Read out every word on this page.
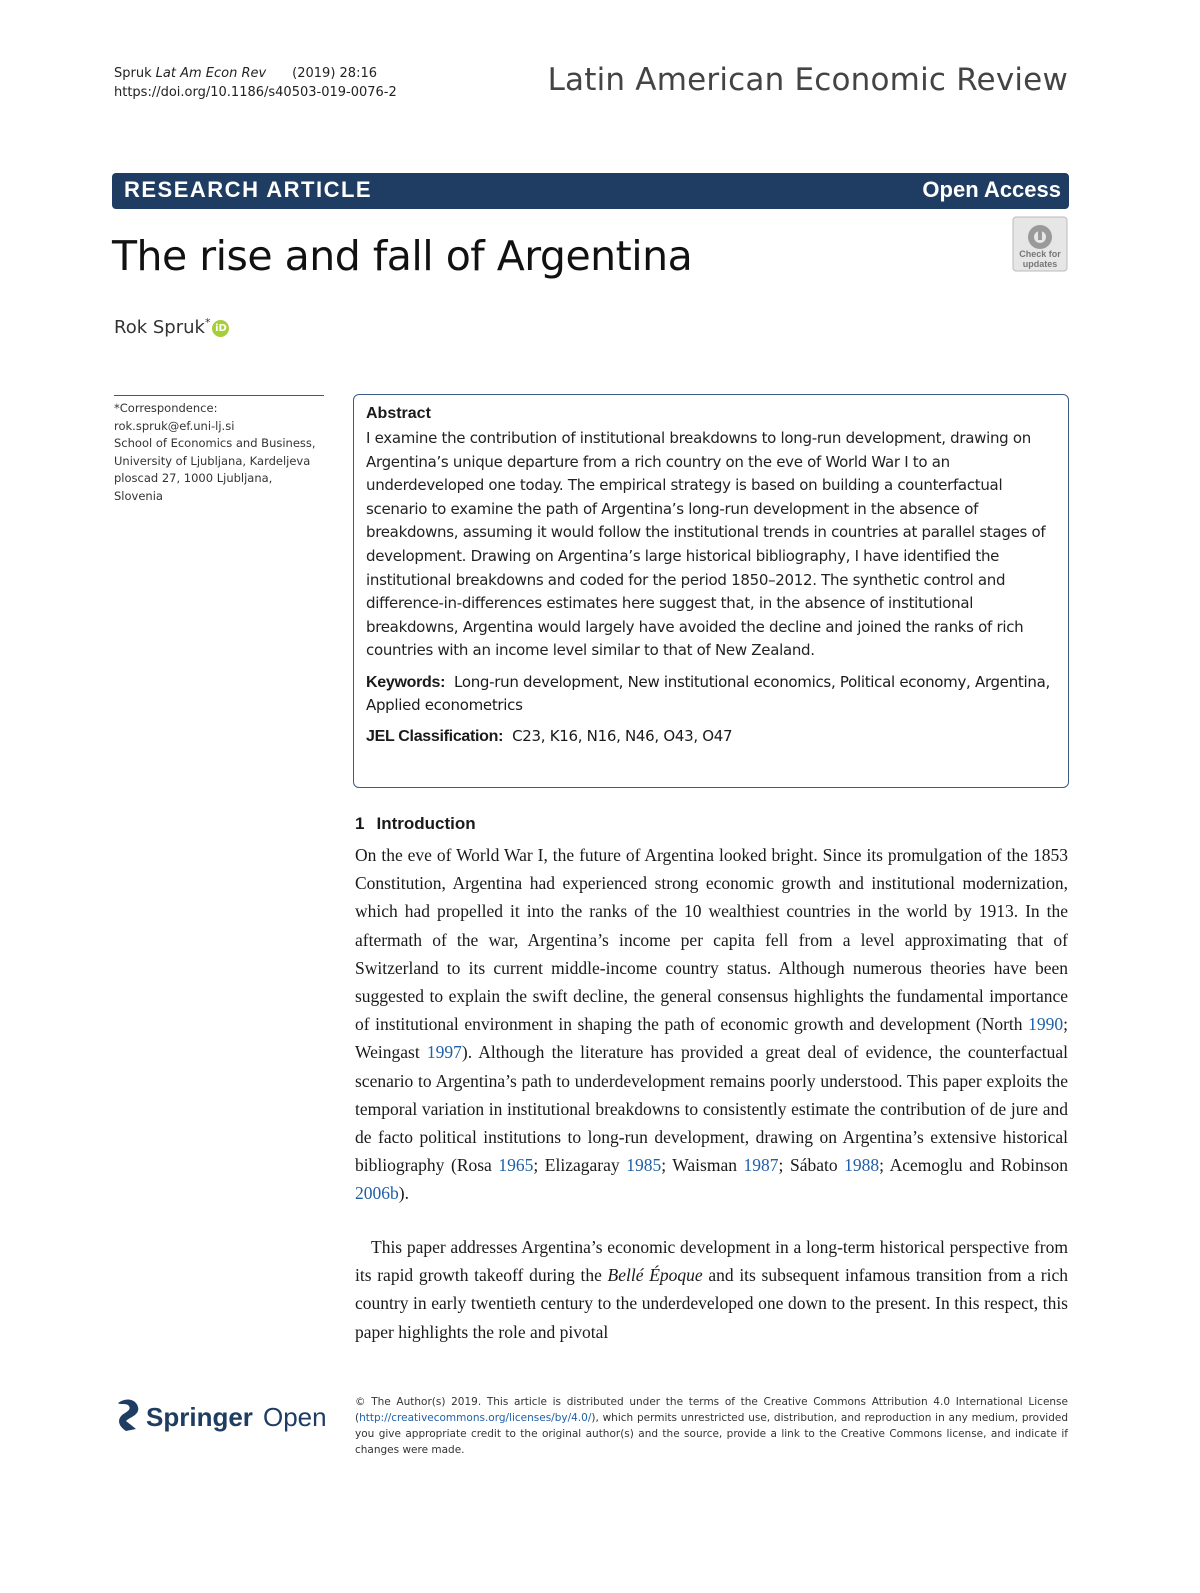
Spruk Lat Am Econ Rev (2019) 28:16
https://doi.org/10.1186/s40503-019-0076-2	Latin American Economic Review
RESEARCH ARTICLE	Open Access
The rise and fall of Argentina	Check for
updates
Rok Spruk* iD
*Correspondence:
rok.spruk@ef.uni-lj.si
School of Economics and Business, University of Ljubljana, Kardeljeva ploscad 27, 1000 Ljubljana, Slovenia
Abstract
I examine the contribution of institutional breakdowns to long-run development, drawing on Argentina’s unique departure from a rich country on the eve of World War I to an underdeveloped one today. The empirical strategy is based on building a counterfactual scenario to examine the path of Argentina’s long-run development in the absence of breakdowns, assuming it would follow the institutional trends in countries at parallel stages of development. Drawing on Argentina’s large historical bibliography, I have identified the institutional breakdowns and coded for the period 1850–2012. The synthetic control and difference-in-differences estimates here suggest that, in the absence of institutional breakdowns, Argentina would largely have avoided the decline and joined the ranks of rich countries with an income level similar to that of New Zealand.
Keywords: Long-run development, New institutional economics, Political economy, Argentina, Applied econometrics
JEL Classification: C23, K16, N16, N46, O43, O47
1 Introduction
On the eve of World War I, the future of Argentina looked bright. Since its promulgation of the 1853 Constitution, Argentina had experienced strong economic growth and institutional modernization, which had propelled it into the ranks of the 10 wealthiest countries in the world by 1913. In the aftermath of the war, Argentina’s income per capita fell from a level approximating that of Switzerland to its current middle-income country status. Although numerous theories have been suggested to explain the swift decline, the general consensus highlights the fundamental importance of institutional environment in shaping the path of economic growth and development (North 1990; Weingast 1997). Although the literature has provided a great deal of evidence, the counterfactual scenario to Argentina’s path to underdevelopment remains poorly understood. This paper exploits the temporal variation in institutional breakdowns to consistently estimate the contribution of de jure and de facto political institutions to long-run development, drawing on Argentina’s extensive historical bibliography (Rosa 1965; Elizagaray 1985; Waisman 1987; Sábato 1988; Acemoglu and Robinson 2006b).
This paper addresses Argentina’s economic development in a long-term historical perspective from its rapid growth takeoff during the Bellé Époque and its subsequent infamous transition from a rich country in early twentieth century to the underdeveloped one down to the present. In this respect, this paper highlights the role and pivotal
Springer Open	© The Author(s) 2019. This article is distributed under the terms of the Creative Commons Attribution 4.0 International License (http://creativecommons.org/licenses/by/4.0/), which permits unrestricted use, distribution, and reproduction in any medium, provided you give appropriate credit to the original author(s) and the source, provide a link to the Creative Commons license, and indicate if changes were made.
